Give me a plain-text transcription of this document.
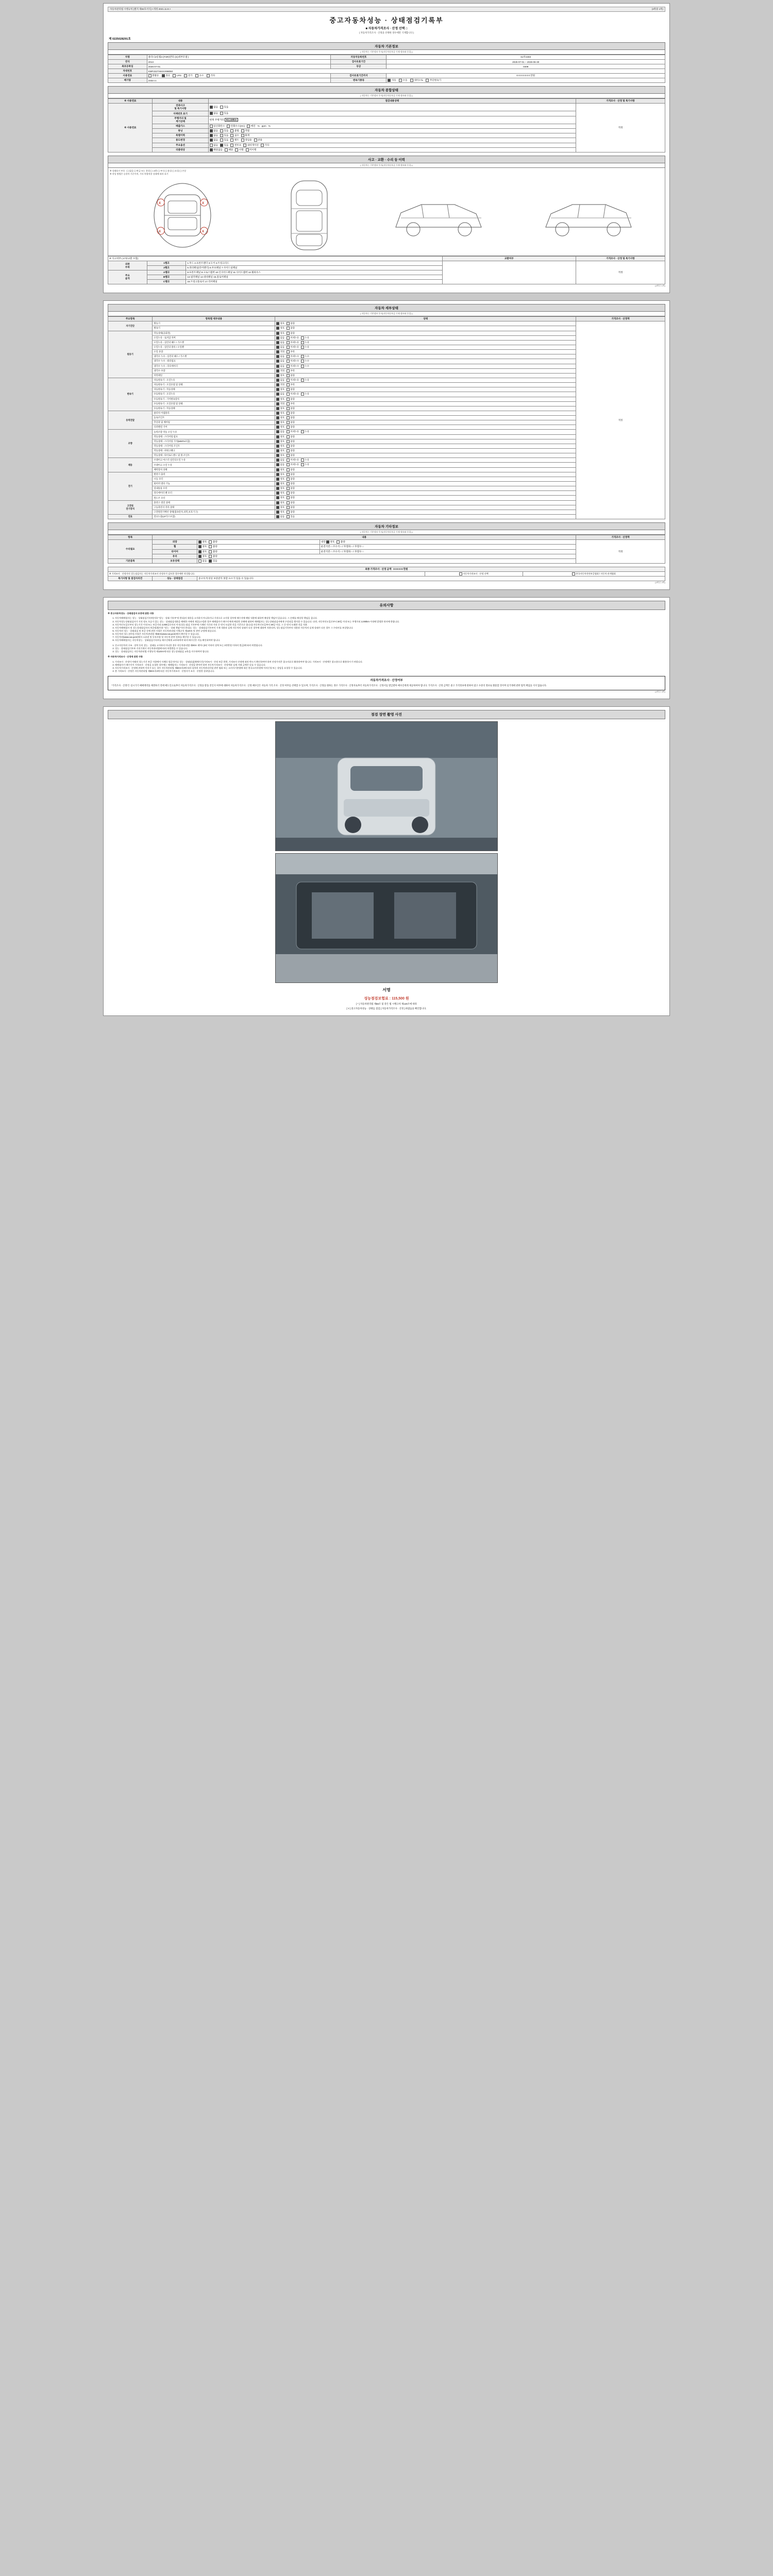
자동차관리법 시행규칙 [별지 제82호서식] <개정 2021.11.9.>	(3쪽중 1쪽)
중고자동차성능 · 상태점검기록부
■ 자동차가격조사 · 산정 선택 □
( 자동차가격조사 · 산정을 선택한 경우에만 기재합니다 )
제 0225028291호
자동차 기본정보
( 자동차는 기본정보 투자(자동차등록증 기재 정보와 동일) )
차명	쏠라니2롱휠3 (FOR)반타 (G)세부모델 )	자동차등록번호	61루2303
연식	2013	검사유효기간	2025-07-01 ~ 2026-06-30
최초등록일	2025-07-01	등급	0409
차대번호	KMF2327X6XXX98050		
사용연료	휘발유 경유 LPG 전기 수소 기타	검사유효기간까지	0 0 0 0 0 0 0 만원
배기량	2432 cc	변속기종류	자동 수동 세미오토 무단변속기
자동차 종합상태
( 자동차는 기본정보 투자(자동차등록증 기재 정보와 동일) )
※ 사용연료	내용	점검내용상태	가격조사 · 산정 및 특기사항
※ 사용연료	전좌사고
및 특기사항	없음 있음	적정
	자체번호 표기	없음 있음	
	주행거리 및
계기상태	현재 주행거리 63,149km	
	배출가스	일산화탄소 탄화수소(HC) 매연 % ppm %	
	튜닝	없음 있음 불법 적법	
	특별이력	없음 있음 침수 화재	
	용도변경	없음 있음 렌트 영업용 관용	
	주요옵션	없음 있음 썬루프 내비게이션 기타	
	리콜대상	해당없음 해당 이행 미이행	
사고 · 교환 · 수리 등 이력
( 자동차는 기본정보 투자(자동차등록증 기재 정보와 동일) )
※ 상태표시 부호 : ( ) 없음 ( ) 판금 또는 용접 ( ) 교환 ( ) 부식 ( ) 흠집 ( ) 요철 ( ) 손상
※ 작성 방법은 승용차 기준이며, 기타 차량적용 상태에 따라 표기
X
X
X
X
※ 사고여부 (교차/교환 포함)			교환여부	가격조사 · 산정 및 특기사항
외판
부위	1랭크	1.후드 2.프론트펜더 3.도어 4.트렁크리드		적정
	2랭크	5.쿼터패널(리어펜더) 6.루프패널 7.사이드실패널		
주요
골격	A랭크	8.프론트패널 9.크로스멤버 10.인사이드패널 11.사이드멤버 12.휠하우스		
	B랭크	13.필러패널 14.대쉬패널 15.플로어패널		
	C랭크	16.트렁크플로어 17.리어패널		
(3쪽중 1쪽)
자동차 세부상태
( 자동차는 기본정보 투자(자동차등록증 기재 정보와 동일) )
주요항목	항목별 세부내용	상태	가격조사 · 산정액
자기진단	원동기	양호 불량	적정
	변속기	양호 불량	
원동기	작동상태(공회전)	양호 불량	
	오일누유 - 로커암 커버	없음 미세누유 누유	
	오일누유 - 실린더 헤드 / 가스켓	없음 미세누유 누유	
	오일누유 - 실린더 블록 / 오일팬	없음 미세누유 누유	
	오일 유량	적정 부족	
	냉각수 누수 - 실린더 헤드 / 가스켓	없음 미세누수 누수	
	냉각수 누수 - 워터펌프	없음 미세누수 누수	
	냉각수 누수 - 라디에이터	없음 미세누수 누수	
	냉각수 수량	적정 부족	
	커먼레일	양호 불량	
변속기	자동변속기 - 오일누유	없음 미세누유 누유	
	자동변속기 - 오일유량 및 상태	적정 부족	
	자동변속기 - 작동상태	양호 불량	
	수동변속기 - 오일누유	없음 미세누유 누유	
	수동변속기 - 기어변속장치	양호 불량	
	수동변속기 - 오일유량 및 상태	적정 부족	
	수동변속기 - 작동상태	양호 불량	
동력전달	클러치 어셈블리	양호 불량	
	등속조인트	양호 불량	
	추진축 및 베어링	양호 불량	
	디퍼렌셜 기어	양호 불량	
조향	동력조향 작동 오일 누유	없음 미세누유 누유	
	작동상태 - 스티어링 펌프	양호 불량	
	작동상태 - 스티어링 기어(MDPS포함)	양호 불량	
	작동상태 - 스티어링 조인트	양호 불량	
	작동상태 - 파워크랭크	양호 불량	
	작동상태 - 타이로드엔드 및 볼 조인트	양호 불량	
제동	브레이크 마스터 실린더오일 누유	없음 미세누유 누유	
	브레이크 오일 누유	없음 미세누유 누유	
	배력장치 상태	양호 불량	
전기	발전기 출력	양호 불량	
	시동 모터	양호 불량	
	와이퍼 델타 기능	양호 불량	
	실내송풍 모터	양호 불량	
	라디에이터 팬 모터	양호 불량	
	윈도우 모터	양호 불량	
고전원
전기장치	충전구 절연 상태	양호 불량	
	구동축전지 격리 상태	양호 불량	
	고전원전기배선 상태(접속단자,피복,보호기구)	양호 불량	
연료	연료누출(LP가스포함)	없음 있음	
자동차 기타정보
( 자동차는 기본정보 투자(자동차등록증 기재 정보와 동일) )
항목	내용			가격조사 · 산정액
수리필요	외장	양호 불량	내장 양호 불량	적정
	휠	양호 불량	운전석전 □ 조수석 □ / 후열좌 □ / 후열우 □	
	타이어	양호 불량	운전석전 □ 조수석 □ / 후열좌 □ / 후열우 □	
	유리	양호 불량		
기본품목	보유상태	없음 있음		
최종 가격조사 · 산정 금액 0 0 0 0 0 만원				
※ 가격조사 · 산정자의 성능점검자는 자동차가격조사 산정자가 검토한 경우에만 작성합니다.			자동차가격조사 · 산정 선택	한국자동차진단보증협회 / 자동차 관계협회
특기사항 및 점검자의견	성능 · 상태점검	중고차 특성상 보증받지 못할 요소가 있을 수 있습니다.		
(3쪽중 2쪽)
유의사항

※ 중고자동차성능 · 상태점검자 보증에 관한 사항

1. 자동차매매업자는 성능 · 상태점검기록부(이하 "성능 · 상태 기록부"라 한다)의 내용을 고지하지 아니하거나 거짓으로 고지할 경우에 매수자에 해당 내용에 대하여 배상할 책임이 있습니다. 그 손해를 배상할 책임을 집니다.
2. 자동차성능상태점검자가 거짓 정도 오류가 있는 성능 · 상태점검내용을 매매한 자에게 제공(고지)한 경우 매매업자가 매수인에게 배상한 손해에 대하여 매매업자는 성능상태점검자에게 구상권을 행사할 수 있습니다. 다만, 자동차인도일로부터 30일 이내 또는 주행거리 2,000km 이내에 발생한 하자에 한합니다.
3. 자동차인도일로부터 성능기간 이내 또는 보증거리 2,000킬로미터 이내 (성능점검 기록부에 기재된 기간과 거리 중 먼저 도달한 것을 기준으로 합니다) 자동차인도일부터 30일 이상, 그 중 먼저 도래한 것을 적용.
4. 자동차매매업자 및 성능상태점검자의 보증범위(이하 "성능 · 상태 책임"이라 한다)는 성능 · 상태점검기록부의 기재 내용과 실제 자동차의 상태가 다른 경우에 대하여 적용되며, 성능점검기록부의 내용과 자동차의 실제 상태가 다른 경우 그 수리비를 보상합니다.
5. 자동차의 성능 · 상태점검 및 보증 등에 관한 사항은 자동차관리법 시행규칙 제120조 및 관련 규정에 따릅니다.
6. 자동차의 성능 (연비) 사항은 자동차관리법 제58조(www.car.go.kr)에서 확인할 수 있습니다.
7. 자동차의(www.car.go.kr)에서 소유권 및 등록사항 및 자동차 관련 정보를 확인할 수 있습니다.
8. 자동차매매업자는 자동차성능 · 상태점검기록부를 매수인에게 교부하여야 하며 매수인은 이를 확인하여야 합니다.
1. 중고자동차의 구조 · 장치 등의 성능 · 상태를 고지하지 아니한 경우 자동차관리법 제80조 제7호 (3년 이하의 징역 또는 3천만원 이하의 벌금)에 따라 처벌됩니다.
2. 성능 · 상태점검기록부 거짓기재시 자동차관리법에 따라 처벌받을 수 있습니다.
3. 성능 · 상태점검자는 자동차관리법 시행규칙 제120조에 따른 성능상태점검 교육을 이수하여야 합니다.

※ 자동차가격조사 · 산정에 관한 사항

1. 가격조사 · 산정이 아래의 성능기간 보증 사항에서 사례로 평균적이나 성능 · 상태점검(매매기간)가격조사 · 산정 보증 한편, 가격조사 산정에 따라 반드시 확인하여야 하며 산정가격은 참고자료로 활용하여야 합니다. 가격조사 · 산정액은 참고용으로 활용하시기 바랍니다.
2. 매매업자가 매수인이 가격조사 · 산정을 요청한 경우에는 매매업자는 가격조사 · 산정을 받아야 하며 자동차가격조사 · 산정액과 실제 거래 금액은 다를 수 있습니다.
3. 자동차가격조사 · 산정에 관하여 이의가 있는 경우 자동차관리법 제58조의4에 따라 설치된 자동차관리사업 관련 협회 또는 소비자기본법에 따른 한국소비자원에 이의신청 또는 상담을 요청할 수 있습니다.
4. 본 가격조사 · 산정은 자동차관리법 제58조의4에 따른 자동차가격조사 · 산정자가 조사 · 산정한 결과입니다.
자동차가격조사 · 산정여부
"가격조사 · 산정"은 실시가기 매매계약을 체결하기 전에 매도인으로부터 자동차가격조사 · 산정을 받을 것인지 여부에 대하여 자동차가격조사 · 산정 매수인은 자동차 가격 조사 · 산정 여부를 선택할 수 있으며, 가격조사 · 산정을 원하는 경우 가격조사 · 산정자로부터 자동차가격조사 · 산정서를 발급받아 매수인에게 제공하여야 합니다. 가격조사 · 산정 금액은 중고 가격정보에 관하여 참고 수준의 정보로 활용할 것이며 실거래에 관한 법적 책임을 지지 않습니다.
(3쪽중 3쪽)
점검 장면 촬영 사진
서명
성능점검보험료 : 115,500 원
[ * ] 자동차관리법 제58조 및 같은 법 시행규칙 제120조에 따라
[ Y ] 중고자동차성능 · 상태를 점검 [ 자동차가격조사 · 산정 ] 하였음을 확인합니다.
